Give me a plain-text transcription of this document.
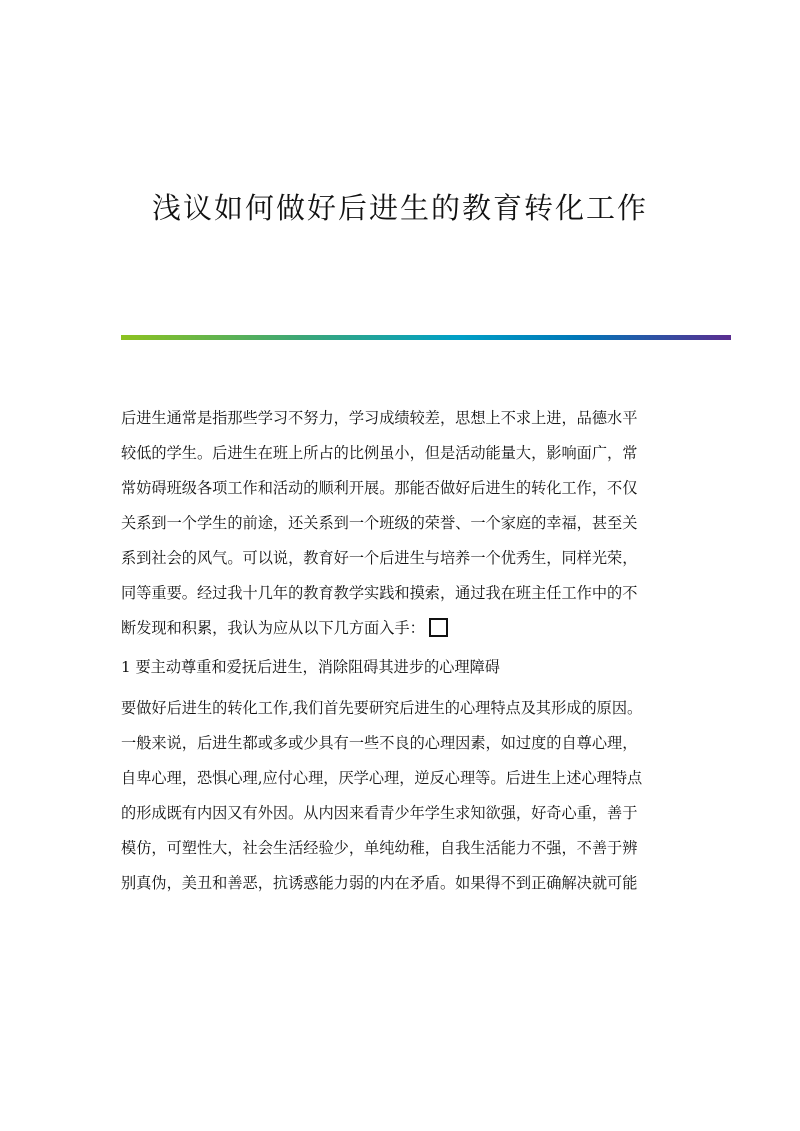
浅议如何做好后进生的教育转化工作

后进生通常是指那些学习不努力，学习成绩较差，思想上不求上进，品德水平

较低的学生。后进生在班上所占的比例虽小，但是活动能量大，影响面广，常

常妨碍班级各项工作和活动的顺利开展。那能否做好后进生的转化工作，不仅

关系到一个学生的前途，还关系到一个班级的荣誉、一个家庭的幸福，甚至关

系到社会的风气。可以说，教育好一个后进生与培养一个优秀生，同样光荣，

同等重要。经过我十几年的教育教学实践和摸索，通过我在班主任工作中的不

断发现和积累，我认为应从以下几方面入手：

1 要主动尊重和爱抚后进生，消除阻碍其进步的心理障碍

要做好后进生的转化工作,我们首先要研究后进生的心理特点及其形成的原因。

一般来说，后进生都或多或少具有一些不良的心理因素，如过度的自尊心理，

自卑心理，恐惧心理,应付心理，厌学心理，逆反心理等。后进生上述心理特点

的形成既有内因又有外因。从内因来看青少年学生求知欲强，好奇心重，善于

模仿，可塑性大，社会生活经验少，单纯幼稚，自我生活能力不强，不善于辨

别真伪，美丑和善恶，抗诱惑能力弱的内在矛盾。如果得不到正确解决就可能
